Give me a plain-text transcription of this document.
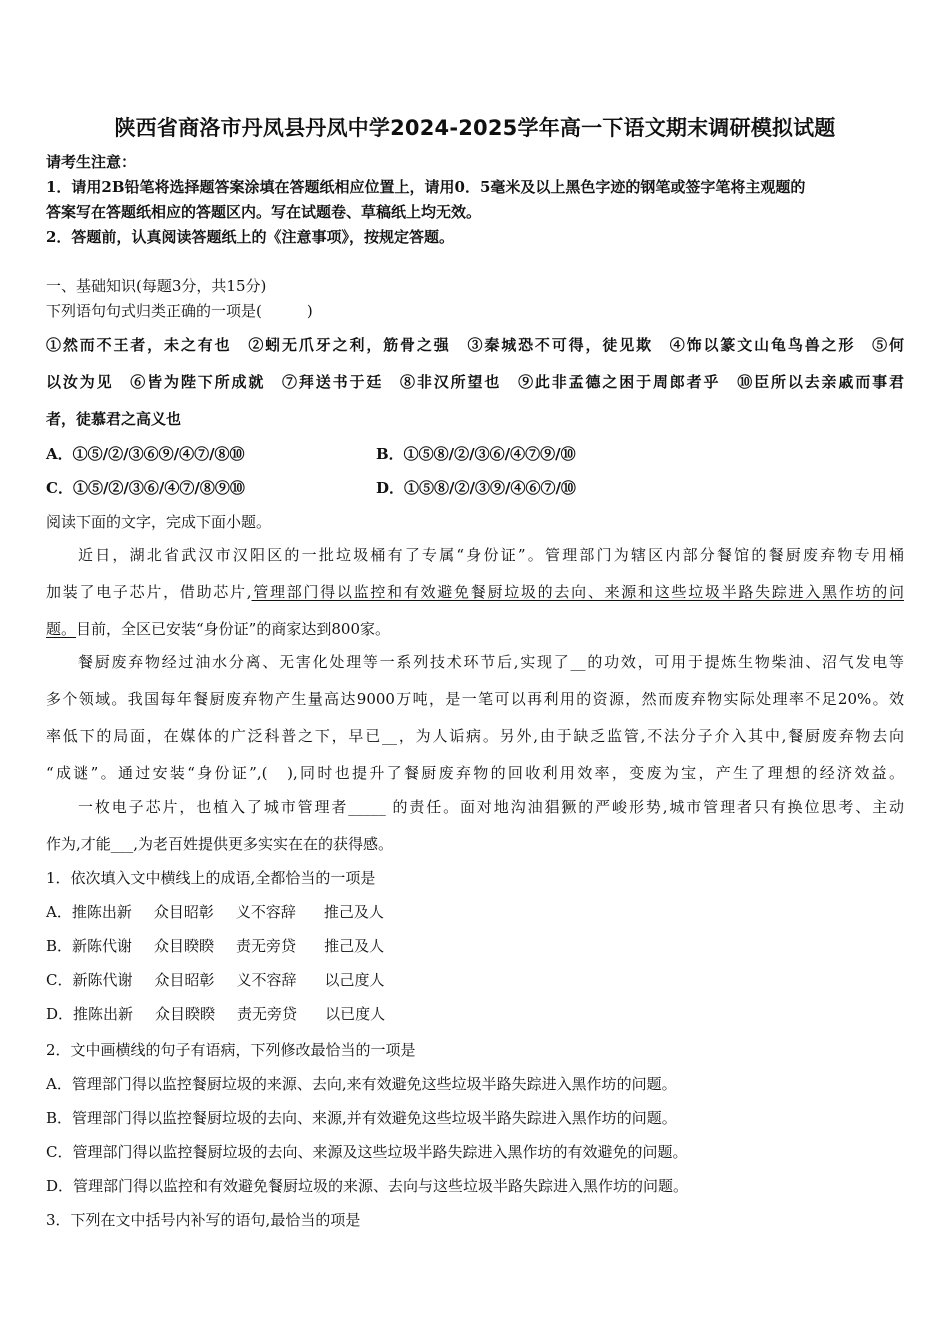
陕西省商洛市丹凤县丹凤中学2024-2025学年高一下语文期末调研模拟试题
请考生注意：
1．请用2B铅笔将选择题答案涂填在答题纸相应位置上，请用0．5毫米及以上黑色字迹的钢笔或签字笔将主观题的
答案写在答题纸相应的答题区内。写在试题卷、草稿纸上均无效。
2．答题前，认真阅读答题纸上的《注意事项》，按规定答题。
一、基础知识(每题3分，共15分)
下列语句句式归类正确的一项是(　　　)
①然而不王者，未之有也　②蚓无爪牙之利，筋骨之强　③秦城恐不可得，徒见欺　④饰以篆文山龟鸟兽之形　⑤何
以汝为见　⑥皆为陛下所成就　⑦拜送书于廷　⑧非汉所望也　⑨此非孟德之困于周郎者乎　⑩臣所以去亲戚而事君
者，徒慕君之高义也
A．①⑤/②/③⑥⑨/④⑦/⑧⑩	B．①⑤⑧/②/③⑥/④⑦⑨/⑩
C．①⑤/②/③⑥/④⑦/⑧⑨⑩	D．①⑤⑧/②/③⑨/④⑥⑦/⑩
阅读下面的文字，完成下面小题。
近日，湖北省武汉市汉阳区的一批垃圾桶有了专属“身份证”。管理部门为辖区内部分餐馆的餐厨废弃物专用桶
加装了电子芯片，借助芯片,管理部门得以监控和有效避免餐厨垃圾的去向、来源和这些垃圾半路失踪进入黑作坊的问
题。目前，全区已安装“身份证”的商家达到800家。
餐厨废弃物经过油水分离、无害化处理等一系列技术环节后,实现了__的功效，可用于提炼生物柴油、沼气发电等
多个领域。我国每年餐厨废弃物产生量高达9000万吨，是一笔可以再利用的资源，然而废弃物实际处理率不足20%。效
率低下的局面，在媒体的广泛科普之下，早已__，为人诟病。另外,由于缺乏监管,不法分子介入其中,餐厨废弃物去向
“成谜”。通过安装“身份证”,(　),同时也提升了餐厨废弃物的回收利用效率，变废为宝，产生了理想的经济效益。
一枚电子芯片，也植入了城市管理者_____ 的责任。面对地沟油猖獗的严峻形势,城市管理者只有换位思考、主动
作为,才能___,为老百姓提供更多实实在在的获得感。
1．依次填入文中横线上的成语,全都恰当的一项是
A．推陈出新 众目昭彰 义不容辞 推己及人
B．新陈代谢 众目睽睽 责无旁贷 推己及人
C．新陈代谢 众目昭彰 义不容辞 以己度人
D．推陈出新 众目睽睽 责无旁贷 以已度人
2．文中画横线的句子有语病，下列修改最恰当的一项是
A．管理部门得以监控餐厨垃圾的来源、去向,来有效避免这些垃圾半路失踪进入黑作坊的问题。
B．管理部门得以监控餐厨垃圾的去向、来源,并有效避免这些垃圾半路失踪进入黑作坊的问题。
C．管理部门得以监控餐厨垃圾的去向、来源及这些垃圾半路失踪进入黑作坊的有效避免的问题。
D．管理部门得以监控和有效避免餐厨垃圾的来源、去向与这些垃圾半路失踪进入黑作坊的问题。
3．下列在文中括号内补写的语句,最恰当的项是
